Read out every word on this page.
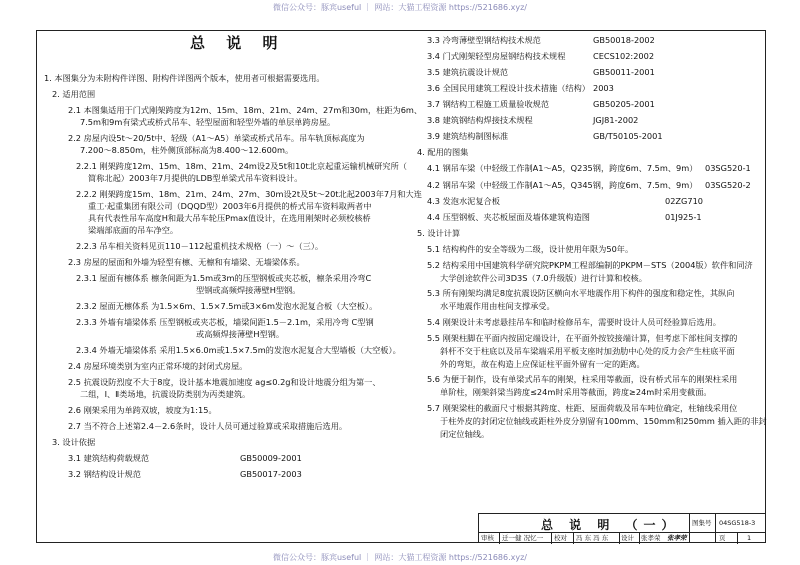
微信公众号：豚宾useful ｜ 网站：大猫工程资源 https://521686.xyz/
总 说 明
1. 本图集分为未附构件详图、附构件详图两个版本，使用者可根据需要选用。
2. 适用范围
2.1 本图集适用于门式刚架跨度为12m、15m、18m、21m、24m、27m和30m，柱距为6m、
7.5m和9m有梁式或桥式吊车、轻型屋面和轻型外墙的单层单跨房屋。
2.2 房屋内设5t～20/5t中、轻级（A1～A5）单梁或桥式吊车。吊车轨顶标高度为
7.200～8.850m，柱外侧顶部标高为8.400～12.600m。
2.2.1 刚架跨度12m、15m、18m、21m、24m设2及5t和10t北京起重运输机械研究所（
简称北起）2003年7月提供的LDB型单梁式吊车资料设计。
2.2.2 刚架跨度15m、18m、21m、24m、27m、30m设2t及5t～20t北起2003年7月和大连
重工·起重集团有限公司（DQQD型）2003年6月提供的桥式吊车资料取两者中
具有代表性吊车高度H和最大吊车轮压Pmax值设计，在选用刚架时必须校核桥
梁端部底面的吊车净空。
2.2.3 吊车相关资料见页110－112起重机技术规格（一）～（三）。
2.3 房屋的屋面和外墙为轻型有檩、无檩和有墙梁、无墙梁体系。
2.3.1 屋面有檩体系 檩条间距为1.5m或3m的压型钢板或夹芯板，檩条采用冷弯C
型钢或高频焊接薄壁H型钢。
2.3.2 屋面无檩体系 为1.5×6m、1.5×7.5m或3×6m发泡水泥复合板（大空板）。
2.3.3 外墙有墙梁体系 压型钢板或夹芯板，墙梁间距1.5－2.1m，采用冷弯 C型钢
或高频焊接薄壁H型钢。
2.3.4 外墙无墙梁体系 采用1.5×6.0m或1.5×7.5m的发泡水泥复合大型墙板（大空板）。
2.4 房屋环境类别为室内正常环境的封闭式房屋。
2.5 抗震设防烈度不大于8度，设计基本地震加速度 ag≤0.2g和设计地震分组为第一、
二组，Ⅰ、Ⅱ类场地，抗震设防类别为丙类建筑。
2.6 刚架采用为单跨双坡，坡度为1:15。
2.7 当不符合上述第2.4－2.6条时，设计人员可通过验算或采取措施后选用。
3. 设计依据
3.1 建筑结构荷载规范
3.2 钢结构设计规范
GB50009-2001
GB50017-2003
3.3 冷弯薄壁型钢结构技术规范
3.4 门式刚架轻型房屋钢结构技术规程
3.5 建筑抗震设计规范
3.6 全国民用建筑工程设计技术措施（结构）
3.7 钢结构工程施工质量验收规范
3.8 建筑钢结构焊接技术规程
3.9 建筑结构制图标准
4. 配用的图集
4.1 钢吊车梁（中轻级工作制A1～A5，Q235钢，跨度6m、7.5m、9m）
4.2 钢吊车梁（中轻级工作制A1～A5，Q345钢，跨度6m、7.5m、9m）
4.3 发泡水泥复合板
4.4 压型钢板、夹芯板屋面及墙体建筑构造图
5. 设计计算
5.1 结构构件的安全等级为二级，设计使用年限为50年。
5.2 结构采用中国建筑科学研究院PKPM工程部编制的PKPM－STS（2004版）软件和同济
大学创途软件公司3D3S（7.0升级版）进行计算和校核。
5.3 所有刚架均满足8度抗震设防区横向水平地震作用下构件的强度和稳定性，其纵向
水平地震作用由柱间支撑承受。
5.4 刚架设计未考虑悬挂吊车和临时检修吊车，需要时设计人员可经验算后选用。
5.5 刚架柱脚在平面内按固定端设计，在平面外按铰接端计算，但考虑下部柱间支撑的
斜杆不交于柱底以及吊车梁端采用平板支座时加劲肋中心处的反力会产生柱底平面
外的弯矩，故在构造上应保证柱平面外留有一定的距离。
5.6 为便于制作，设有单梁式吊车的刚架，柱采用等截面，设有桥式吊车的刚架柱采用
单阶柱，刚架斜梁当跨度≤24m时采用等截面，跨度≥24m时采用变截面。
5.7 刚架梁柱的截面尺寸根据其跨度、柱距、屋面荷载及吊车吨位确定，柱轴线采用位
于柱外皮的封闭定位轴线或距柱外皮分别留有100mm、150mm和250mm 插入距的非封
闭定位轴线。
GB50018-2002
CECS102:2002
GB50011-2001
2003
GB50205-2001
JGJ81-2002
GB/T50105-2001
03SG520-1
03SG520-2
02ZG710
01J925-1
总 说 明 （一） 图集号 04SG518-3
审核 迁一健 况忆一 校对 冯 东 冯 东 设计 张孝荣 张孝荣	页	1
微信公众号：豚宾useful ｜ 网站：大猫工程资源 https://521686.xyz/
